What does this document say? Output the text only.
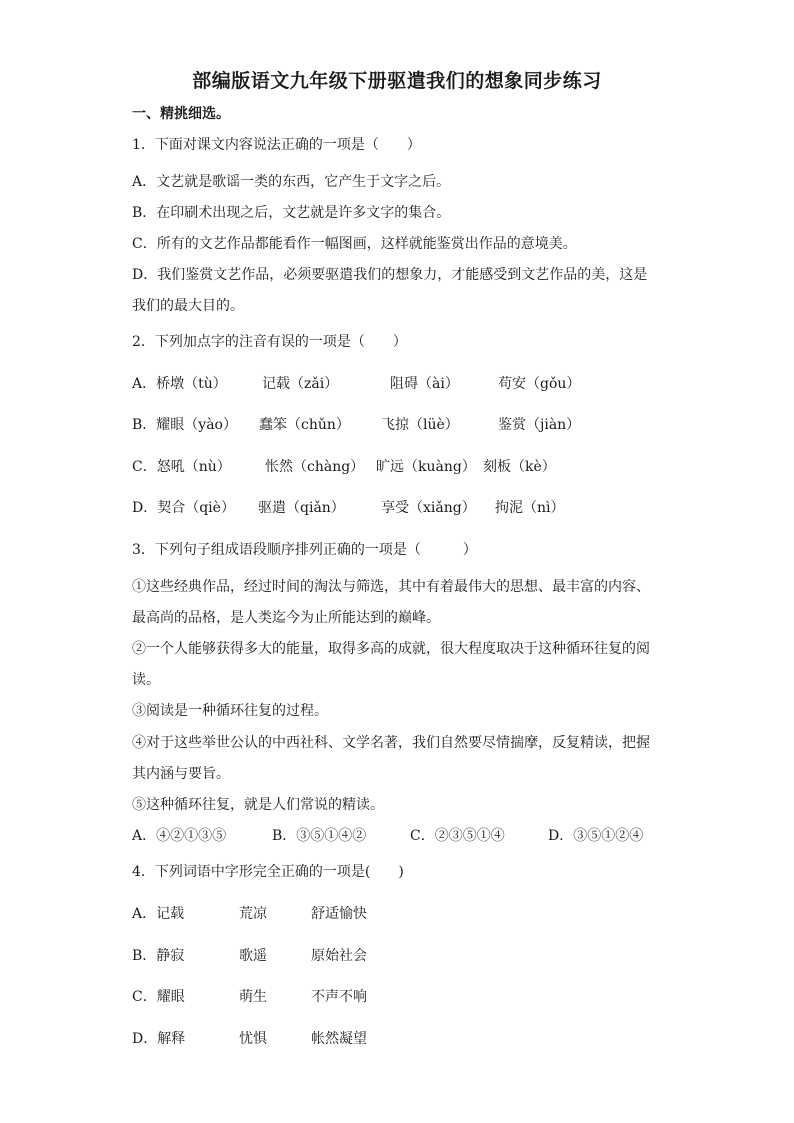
部编版语文九年级下册驱遣我们的想象同步练习
一、精挑细选。
1．下面对课文内容说法正确的一项是（　　）
A．文艺就是歌谣一类的东西，它产生于文字之后。
B．在印刷术出现之后，文艺就是许多文字的集合。
C．所有的文艺作品都能看作一幅图画，这样就能鉴赏出作品的意境美。
D．我们鉴赏文艺作品，必须要驱遣我们的想象力，才能感受到文艺作品的美，这是
我们的最大目的。
2．下列加点字的注音有误的一项是（　　）
A．桥墩（tù）	记载（zǎi）	阻碍（ài）	苟安（gǒu）
B．耀眼（yào） 蠢笨（chǔn） 飞掠（lüè）	鉴赏（jiàn）
C．怒吼（nù） 怅然（chàng） 旷远（kuàng） 刻板（kè）
D．契合（qiè） 驱遣（qiǎn）	享受（xiǎng） 拘泥（nì）
3．下列句子组成语段顺序排列正确的一项是（　　　）
①这些经典作品，经过时间的淘汰与筛选，其中有着最伟大的思想、最丰富的内容、
最高尚的品格，是人类迄今为止所能达到的巅峰。
②一个人能够获得多大的能量，取得多高的成就，很大程度取决于这种循环往复的阅
读。
③阅读是一种循环往复的过程。
④对于这些举世公认的中西社科、文学名著，我们自然要尽情揣摩，反复精读，把握
其内涵与要旨。
⑤这种循环往复，就是人们常说的精读。
A．④②①③⑤	B．③⑤①④②	C．②③⑤①④	D．③⑤①②④
4．下列词语中字形完全正确的一项是(　　)
A．记载	荒凉	舒适愉快
B．静寂	歌遥	原始社会
C．耀眼	萌生	不声不响
D．解释	忧惧	帐然凝望
